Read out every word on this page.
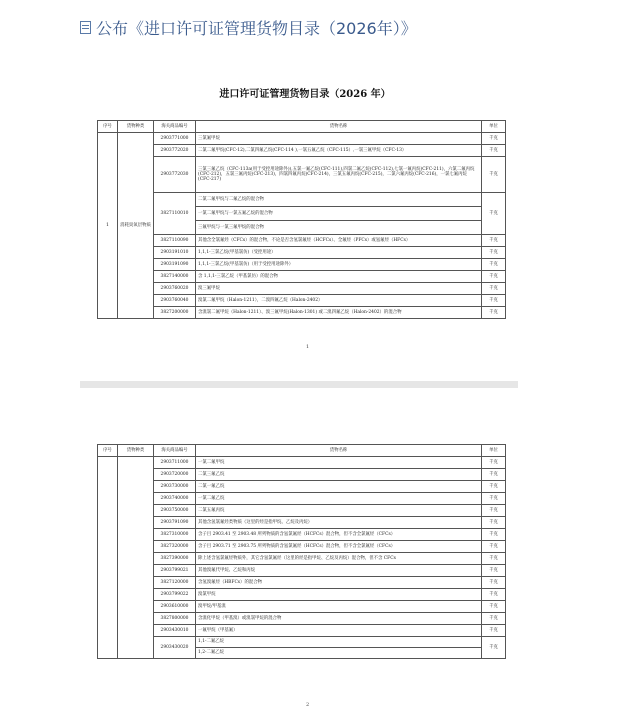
公布《进口许可证管理货物目录（2026年）》
进口许可证管理货物目录（2026 年）
序号	货物种类	海关商品编号	货物名称	单位
1	消耗臭氧层物质	2903771000	三氯氟甲烷	千克
		2903772020	二氯二氟甲烷(CFC-12),二氯四氟乙烷(CFC-114 ),一氯五氟乙烷（CFC-115）,一氯三氟甲烷（CFC-13）	千克
		2903772030	三氯三氟乙烷（CFC-113a(用于受控用途除外)),五氯一氟乙烷(CFC-111),四氯二氟乙烷(CFC-112),七氯一氟丙烷(CFC-211)，六氯二氟丙烷(CFC-212)，五氯三氟丙烷(CFC-213)，四氯四氟丙烷(CFC-214)，三氯五氟丙烷(CFC-215)，二氯六氟丙烷(CFC-216)，一氯七氟丙烷(CFC-217)	千克
		3827110010	二氯二氟甲烷与二氟乙烷的混合物	千克
			一氯二氟甲烷与一氯五氟乙烷的混合物	
			三氟甲烷与一氯三氟甲烷的混合物	
		3827110090	其他含全氯氟烃（CFCs）的混合物，不论是否含氢氯氟烃（HCFCs）、全氟烃（PFCs）或氢氟烃（HFCs）	千克
		2903191010	1,1,1-三氯乙烷(甲基氯仿)（受控用途）	千克
		2903191090	1,1,1-三氯乙烷(甲基氯仿)（用于受控用途除外）	千克
		3827140000	含 1,1,1-三氯乙烷（甲基氯仿）的混合物	千克
		2903760020	溴三氟甲烷	千克
		2903760040	溴氯二氟甲烷（Halon-1211），二溴四氟乙烷（Halon-2402）	千克
		3827200000	含溴氯二氟甲烷（Halon-1211）、溴三氟甲烷(Halon-1301) 或二溴四氟乙烷（Halon-2402）的混合物	千克
1
序号	货物种类	海关商品编号	货物名称	单位
		2903711000	一氯二氟甲烷	千克
		2903720000	二氯三氟乙烷	千克
		2903730000	二氯一氟乙烷	千克
		2903740000	一氯二氟乙烷	千克
		2903750000	二氯五氟丙烷	千克
		2903791090	其他含氢氯氟烃类物质（这里的烃是指甲烷、乙烷及丙烷）	千克
		3827310000	含子目 2903.41 至 2903.48 所列物质的含氢氯氟烃（HCFCs）混合物，但不含全氯氟烃（CFCs）	千克
		3827320000	含子目 2903.71 至 2903.75 所列物质的含氢氯氟烃（HCFCs）混合物，但不含全氯氟烃（CFCs）	千克
		3827390000	除上述含氢氯氟烃物质外，其它含氢氯氟烃（这里的烃是指甲烷、乙烷及丙烷）混合物，但不含 CFCs	千克
		2903799021	其他溴氟代甲烷、乙烷和丙烷	千克
		3827120000	含氢溴氟烃（HBFCs）的混合物	千克
		2903799022	溴氯甲烷	千克
		2903610000	溴甲烷/甲基溴	千克
		3827800000	含溴化甲烷（甲基溴）或溴氯甲烷的混合物	千克
		2903430010	一氟甲烷（甲基氟）	千克
		2903430020	1,1-二氟乙烷	千克
			1,2-二氟乙烷	
2
